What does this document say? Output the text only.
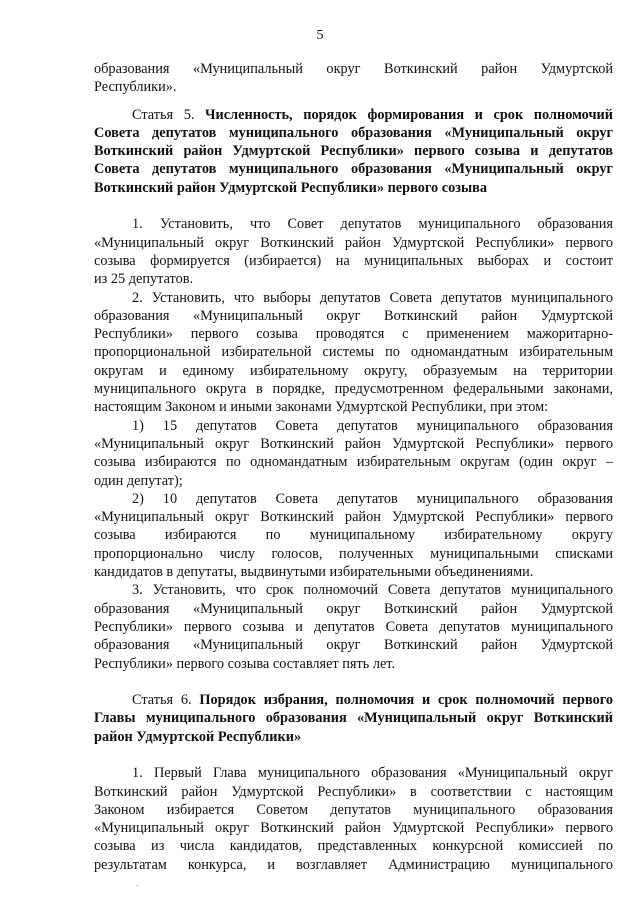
5
образования «Муниципальный округ Воткинский район Удмуртской
Республики».
Статья 5. Численность, порядок формирования и срок полномочий
Совета депутатов муниципального образования «Муниципальный округ
Воткинский район Удмуртской Республики» первого созыва и депутатов
Совета депутатов муниципального образования «Муниципальный округ
Воткинский район Удмуртской Республики» первого созыва
1. Установить, что Совет депутатов муниципального образования
«Муниципальный округ Воткинский район Удмуртской Республики» первого
созыва формируется (избирается) на муниципальных выборах и состоит
из 25 депутатов.
2. Установить, что выборы депутатов Совета депутатов муниципального
образования «Муниципальный округ Воткинский район Удмуртской
Республики» первого созыва проводятся с применением мажоритарно-
пропорциональной избирательной системы по одномандатным избирательным
округам и единому избирательному округу, образуемым на территории
муниципального округа в порядке, предусмотренном федеральными законами,
настоящим Законом и иными законами Удмуртской Республики, при этом:
1) 15 депутатов Совета депутатов муниципального образования
«Муниципальный округ Воткинский район Удмуртской Республики» первого
созыва избираются по одномандатным избирательным округам (один округ –
один депутат);
2) 10 депутатов Совета депутатов муниципального образования
«Муниципальный округ Воткинский район Удмуртской Республики» первого
созыва избираются по муниципальному избирательному округу
пропорционально числу голосов, полученных муниципальными списками
кандидатов в депутаты, выдвинутыми избирательными объединениями.
3. Установить, что срок полномочий Совета депутатов муниципального
образования «Муниципальный округ Воткинский район Удмуртской
Республики» первого созыва и депутатов Совета депутатов муниципального
образования «Муниципальный округ Воткинский район Удмуртской
Республики» первого созыва составляет пять лет.
Статья 6. Порядок избрания, полномочия и срок полномочий первого
Главы муниципального образования «Муниципальный округ Воткинский
район Удмуртской Республики»
1. Первый Глава муниципального образования «Муниципальный округ
Воткинский район Удмуртской Республики» в соответствии с настоящим
Законом избирается Советом депутатов муниципального образования
«Муниципальный округ Воткинский район Удмуртской Республики» первого
созыва из числа кандидатов, представленных конкурсной комиссией по
результатам конкурса, и возглавляет Администрацию муниципального
.
